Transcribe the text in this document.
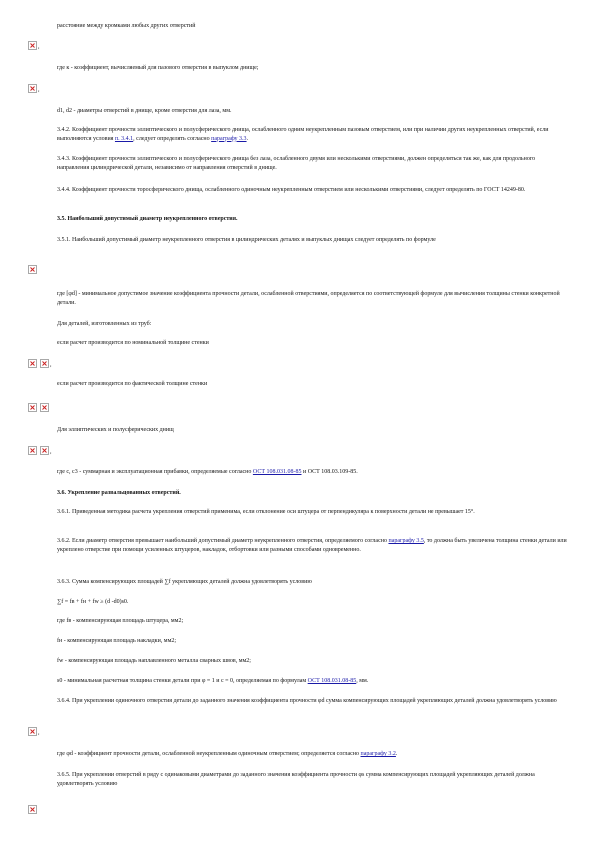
расстояние между кромками любых других отверстий

,

где к - коэффициент, вычисляемый для пазового отверстия в выпуклом днище;

,

d1, d2 - диаметры отверстий в днище, кроме отверстия для лаза, мм.

3.4.2. Коэффициент прочности эллиптического и полусферического днища, ослабленного одним неукрепленным пазовым отверстием, или при наличии других неукрепленных отверстий, если выполняются условия п. 3.4.1, следует определять согласно параграфу 3.3.

3.4.3. Коэффициент прочности эллиптического и полусферического днища без лаза, ослабленного двумя или несколькими отверстиями, должен определяться так же, как для продольного направления цилиндрической детали, независимо от направления отверстий в днище.

3.4.4. Коэффициент прочности торосферического днища, ослабленного одиночным неукрепленным отверстием или несколькими отверстиями, следует определять по ГОСТ 14249-80.

3.5. Наибольший допустимый диаметр неукрепленного отверстия.

3.5.1. Наибольший допустимый диаметр неукрепленного отверстия в цилиндрических деталях и выпуклых днищах следует определять по формуле

где [φd] - минимальное допустимое значение коэффициента прочности детали, ослабленной отверстиями, определяется по соответствующей формуле для вычисления толщины стенки конкретной детали.

Для деталей, изготовленных из труб:

если расчет производится по номинальной толщине стенки

,

если расчет производится по фактической толщине стенки

Для эллиптических и полусферических днищ

,

где с, с3 - суммарная и эксплуатационная прибавки, определяемые согласно ОСТ 108.031.08-85 и ОСТ 108.03.109-85.

3.6. Укрепление развальцованных отверстий.

3.6.1. Приведенная методика расчета укрепления отверстий применима, если отклонение оси штуцера от перпендикуляра к поверхности детали не превышает 15°.

3.6.2. Если диаметр отверстия превышает наибольший допустимый диаметр неукрепленного отверстия, определяемого согласно параграфу 3.5, то должна быть увеличена толщина стенки детали или укреплено отверстие при помощи усиленных штуцеров, накладок, отбортовки или разными способами одновременно.

3.6.3. Сумма компенсирующих площадей ∑f укрепляющих деталей должна удовлетворять условию

∑f = fв + fн + fw ≥ (d -d0)s0.

где fв - компенсирующая площадь штуцера, мм2;

fн - компенсирующая площадь накладки, мм2;

fw - компенсирующая площадь наплавленного металла сварных швов, мм2;

s0 - минимальная расчетная толщина стенки детали при φ = 1 и с = 0, определяемая по формулам ОСТ 108.031.08-85, мм.

3.6.4. При укреплении одиночного отверстия детали до заданного значения коэффициента прочности φd сумма компенсирующих площадей укрепляющих деталей должна удовлетворять условию

,

где φd - коэффициент прочности детали, ослабленной неукрепленным одиночным отверстием; определяется согласно параграфу 3.2.

3.6.5. При укреплении отверстий в ряду с одинаковыми диаметрами до заданного значения коэффициента прочности φs сумма компенсирующих площадей укрепляющих деталей должна удовлетворять условию
